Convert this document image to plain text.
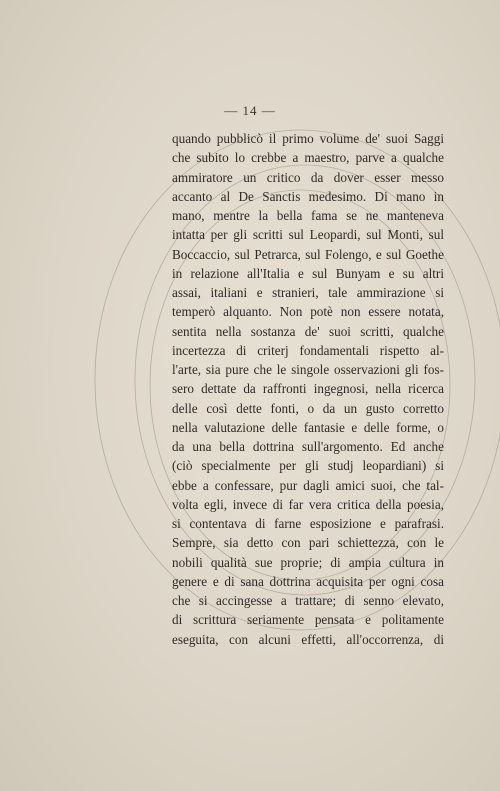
— 14 —
quando pubblicò il primo volume de' suoi Saggi
che subito lo crebbe a maestro, parve a qualche
ammiratore un critico da dover esser messo
accanto al De Sanctis medesimo. Di mano in
mano, mentre la bella fama se ne manteneva
intatta per gli scritti sul Leopardi, sul Monti, sul
Boccaccio, sul Petrarca, sul Folengo, e sul Goethe
in relazione all'Italia e sul Bunyam e su altri
assai, italiani e stranieri, tale ammirazione si
temperò alquanto. Non potè non essere notata,
sentita nella sostanza de' suoi scritti, qualche
incertezza di criterj fondamentali rispetto al-
l'arte, sia pure che le singole osservazioni gli fos-
sero dettate da raffronti ingegnosi, nella ricerca
delle così dette fonti, o da un gusto corretto
nella valutazione delle fantasie e delle forme, o
da una bella dottrina sull'argomento. Ed anche
(ciò specialmente per gli studj leopardiani) si
ebbe a confessare, pur dagli amici suoi, che tal-
volta egli, invece di far vera critica della poesia,
si contentava di farne esposizione e parafrasi.
Sempre, sia detto con pari schiettezza, con le
nobili qualità sue proprie; di ampia cultura in
genere e di sana dottrina acquisita per ogni cosa
che si accingesse a trattare; di senno elevato,
di scrittura seriamente pensata e politamente
eseguita, con alcuni effetti, all'occorrenza, di
